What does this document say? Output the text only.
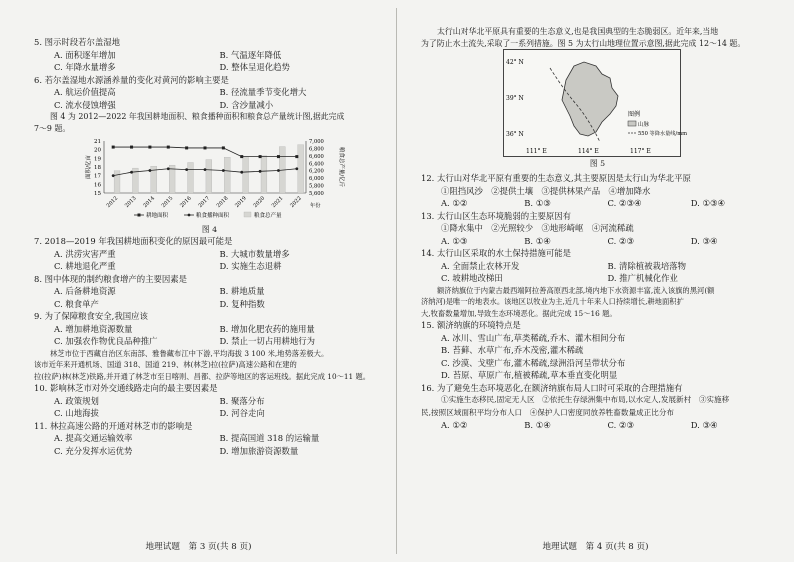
5. 图示时段若尔盖湿地

A. 面积逐年增加	B. 气温逐年降低
C. 年降水量增多	D. 整体呈退化趋势

6. 若尔盖湿地水源涵养量的变化对黄河的影响主要是

A. 航运价值提高	B. 径流量季节变化增大
C. 流水侵蚀增强	D. 含沙量减小

图 4 为 2012—2022 年我国耕地面积、粮食播种面积和粮食总产量统计图,据此完成

7～9 题。

15
16
17
18
19
20
21
5,600
5,800
6,000
6,200
6,400
6,600
6,800
7,000
面积/亿亩	粮食总产量/亿斤
2012 2013 2014 2015 2016 2017 2018 2019 2020 2021 2022 年份
耕地面积	粮食播种面积	粮食总产量
图 4

7. 2018—2019 年我国耕地面积变化的原因最可能是

A. 洪涝灾害严重	B. 大城市数量增多
C. 耕地退化严重	D. 实施生态退耕

8. 图中体现的制约粮食增产的主要因素是

A. 后备耕地资源	B. 耕地质量
C. 粮食单产	D. 复种指数

9. 为了保障粮食安全,我国应该

A. 增加耕地资源数量	B. 增加化肥农药的施用量
C. 加强农作物优良品种推广	D. 禁止一切占用耕地行为

林芝市位于西藏自治区东南部、雅鲁藏布江中下游,平均海拔 3 100 米,地势落差极大。

该市近年来开通机场、国道 318、国道 219、林(林芝)拉(拉萨)高速公路和在建的

拉(拉萨)林(林芝)铁路,并开通了林芝市至日喀则、昌都、拉萨等地区的客运班线。据此完成 10～11 题。

10. 影响林芝市对外交通线路走向的最主要因素是

A. 政策规划	B. 聚落分布
C. 山地海拔	D. 河谷走向

11. 林拉高速公路的开通对林芝市的影响是

A. 提高交通运输效率	B. 提高国道 318 的运输量
C. 充分发挥水运优势	D. 增加旅游资源数量
地理试题　第 3 页(共 8 页)

太行山对华北平原具有重要的生态意义,也是我国典型的生态脆弱区。近年来,当地

为了防止水土流失,采取了一系列措施。图 5 为太行山地理位置示意图,据此完成 12～14 题。

42° N
39° N
36° N
111° E	114° E	117° E
图例
山脉
550 等降水量线/mm
图 5

12. 太行山对华北平原有重要的生态意义,其主要原因是太行山为华北平原

①阻挡风沙　②提供土壤　③提供林果产品　④增加降水

A. ①②	B. ①③	C. ②③④	D. ①③④

13. 太行山区生态环境脆弱的主要原因有

①降水集中　②光照较少　③地形崎岖　④河流稀疏

A. ①③	B. ①④	C. ②③	D. ③④

14. 太行山区采取的水土保持措施可能是

A. 全面禁止农林开发	B. 清除植被栽培落物
C. 坡耕地改梯田	D. 推广机械化作业

额济纳旗位于内蒙古最西端阿拉善高原西北部,境内地下水资源丰富,流入该旗的黑河(额

济纳河)是唯一的地表水。该地区以牧业为主,近几十年来人口持续增长,耕地面积扩

大,牧畜数量增加,导致生态环境恶化。据此完成 15～16 题。

15. 额济纳旗的环境特点是

A. 冰川、雪山广布,草类稀疏,乔木、灌木相间分布

B. 苔藓、水草广布,乔木茂密,灌木稀疏

C. 沙漠、戈壁广布,灌木稀疏,绿洲沿河呈带状分布

D. 苔原、草原广布,植被稀疏,草本垂直变化明显

16. 为了避免生态环境恶化,在额济纳旗布局人口时可采取的合理措施有

①实施生态移民,固定无人区　②依托生存绿洲集中布局,以水定人,发展新村　③实施移

民,按照区域面积平均分布人口　④保护人口密度同放养牲畜数量成正比分布

A. ①②	B. ①④	C. ②③	D. ③④
地理试题　第 4 页(共 8 页)
